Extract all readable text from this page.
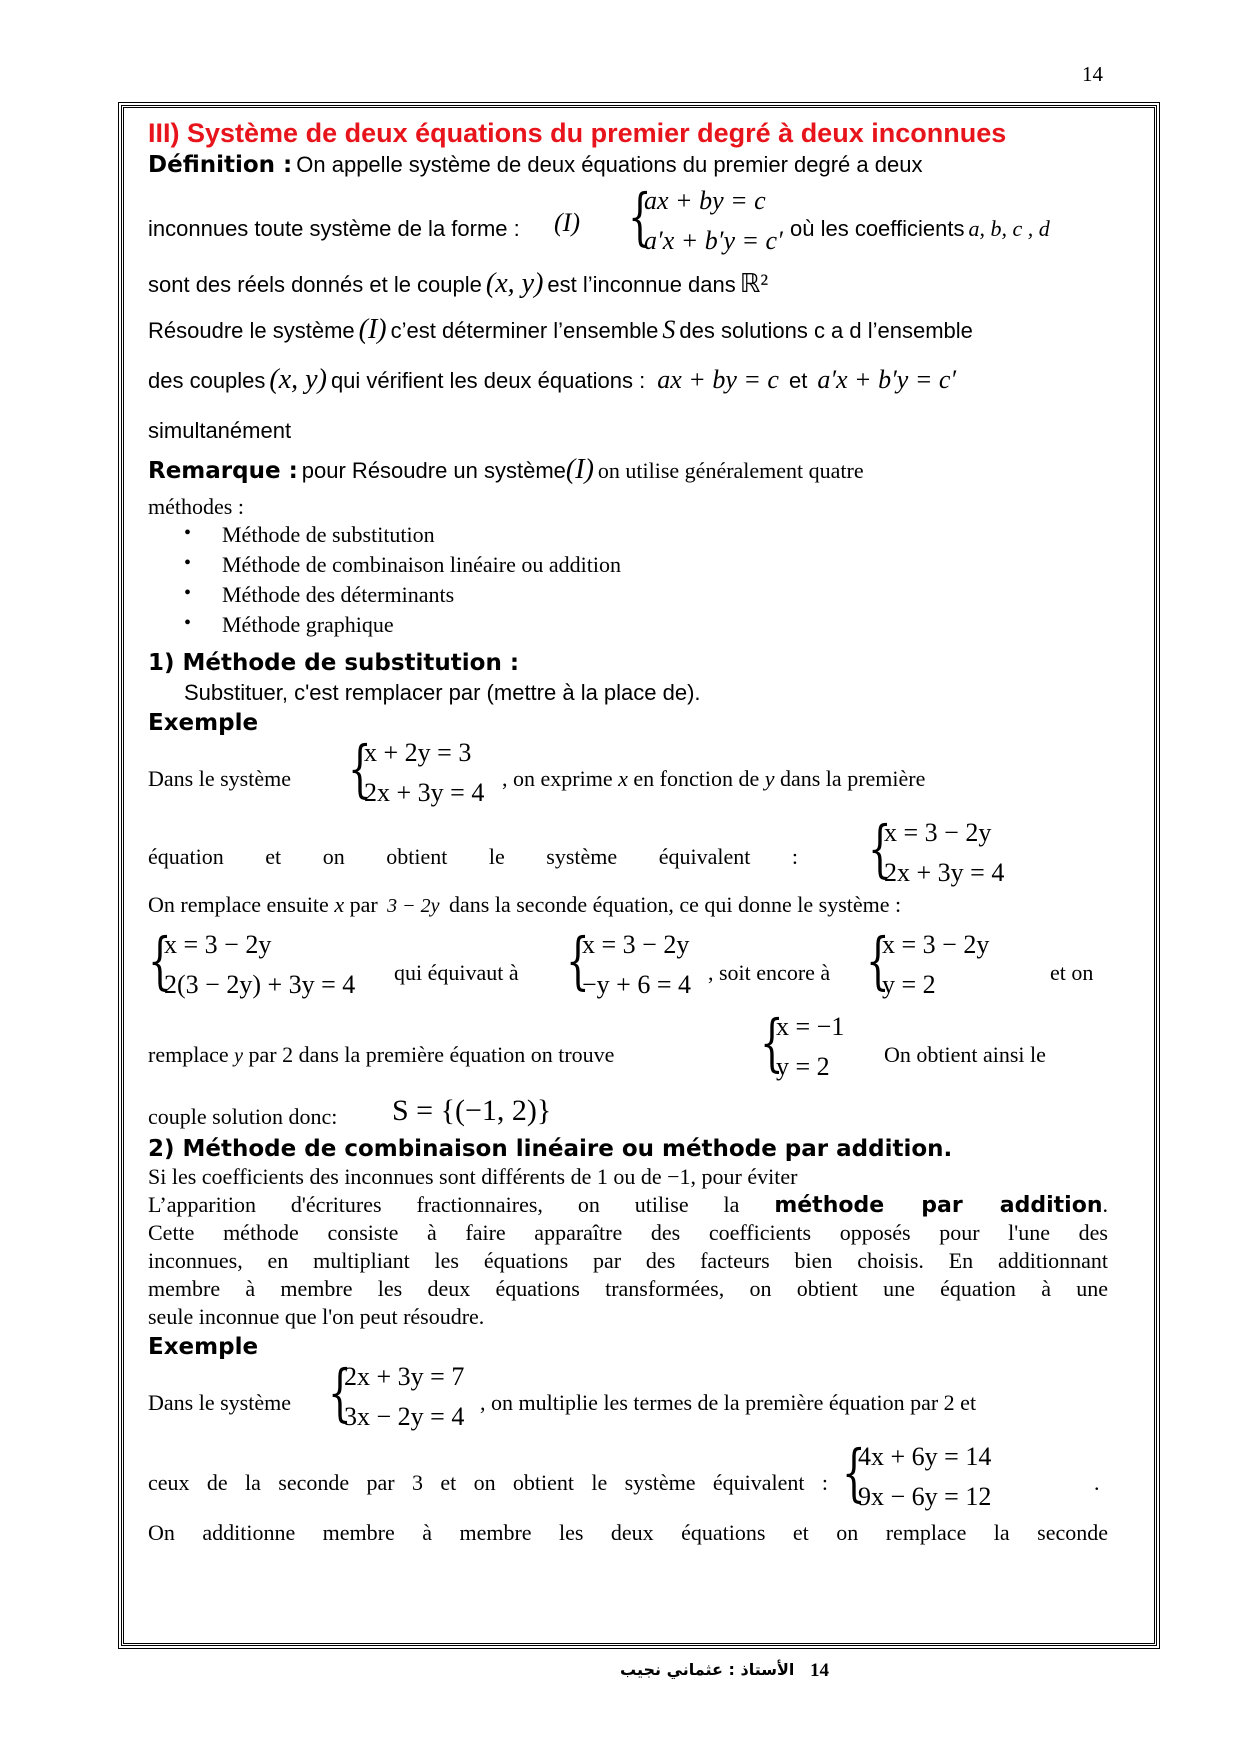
14
III) Système de deux équations du premier degré à deux inconnues
Définition : On appelle système de deux équations du premier degré a deux
inconnues toute système de la forme : (I) {
ax + by = c
a′x + b′y = c′ où les coefficients a, b, c , d
sont des réels donnés et le couple (x, y) est l’inconnue dans ℝ²
Résoudre le système (I) c’est déterminer l’ensemble S des solutions c a d l’ensemble
des couples (x, y) qui vérifient les deux équations : ax + by = c et a′x + b′y = c′
simultanément
Remarque : pour Résoudre un système(I) on utilise généralement quatre
méthodes :
• Méthode de substitution
• Méthode de combinaison linéaire ou addition
• Méthode des déterminants
• Méthode graphique
1) Méthode de substitution :
Substituer, c'est remplacer par (mettre à la place de).
Exemple
Dans le système {
x + 2y = 3
2x + 3y = 4 , on exprime x en fonction de y dans la première
équation et on obtient le système équivalent : {
x = 3 − 2y
2x + 3y = 4
On remplace ensuite x par 3 − 2y dans la seconde équation, ce qui donne le système :
{
x = 3 − 2y
2(3 − 2y) + 3y = 4 qui équivaut à {
x = 3 − 2y
−y + 6 = 4 , soit encore à {
x = 3 − 2y
y = 2	et on
remplace y par 2 dans la première équation on trouve {
x = −1
y = 2 On obtient ainsi le
couple solution donc: S = {(−1, 2)}
2) Méthode de combinaison linéaire ou méthode par addition.
Si les coefficients des inconnues sont différents de 1 ou de −1, pour éviter
L’apparition d'écritures fractionnaires, on utilise la méthode par addition.
Cette méthode consiste à faire apparaître des coefficients opposés pour l'une des
inconnues, en multipliant les équations par des facteurs bien choisis. En additionnant
membre à membre les deux équations transformées, on obtient une équation à une
seule inconnue que l'on peut résoudre.
Exemple
Dans le système {
2x + 3y = 7
3x − 2y = 4 , on multiplie les termes de la première équation par 2 et
ceux de la seconde par 3 et on obtient le système équivalent : {
4x + 6y = 14
9x − 6y = 12	.
On additionne membre à membre les deux équations et on remplace la seconde
الأستاذ : عثماني نجيب 14
